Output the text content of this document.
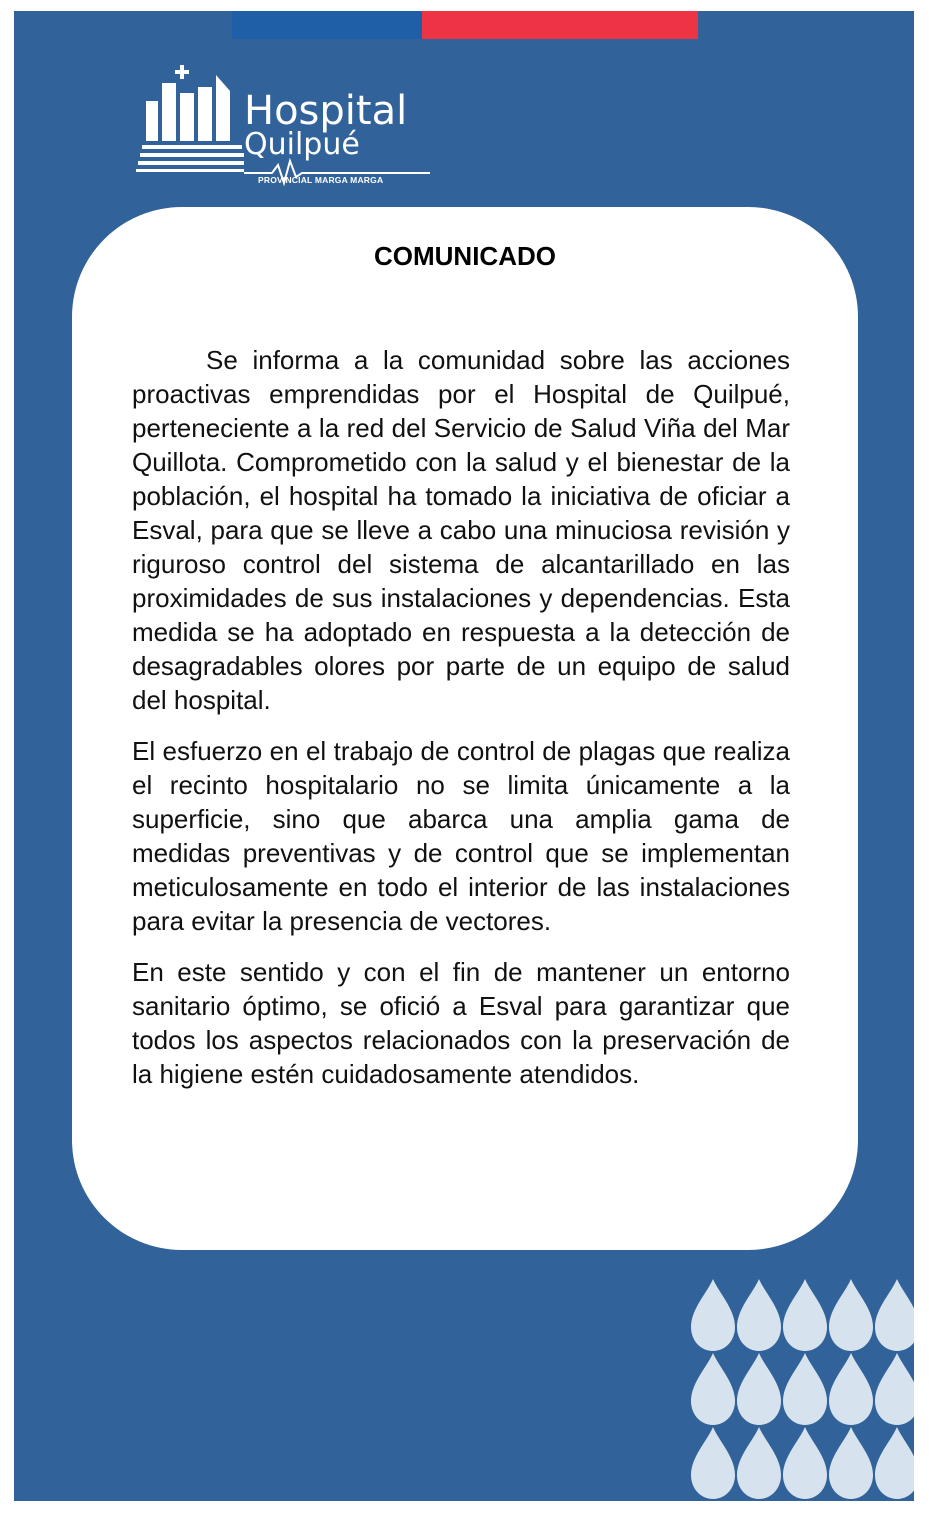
Hospital
Quilpué
PROVINCIAL MARGA MARGA
COMUNICADO

Se informa a la comunidad sobre las acciones proactivas emprendidas por el Hospital de Quilpué, perteneciente a la red del Servicio de Salud Viña del Mar Quillota. Comprometido con la salud y el bienestar de la población, el hospital ha tomado la iniciativa de oficiar a Esval, para que se lleve a cabo una minuciosa revisión y riguroso control del sistema de alcantarillado en las proximidades de sus instalaciones y dependencias. Esta medida se ha adoptado en respuesta a la detección de desagradables olores por parte de un equipo de salud del hospital.

El esfuerzo en el trabajo de control de plagas que realiza el recinto hospitalario no se limita únicamente a la superficie, sino que abarca una amplia gama de medidas preventivas y de control que se implementan meticulosamente en todo el interior de las instalaciones para evitar la presencia de vectores.

En este sentido y con el fin de mantener un entorno sanitario óptimo, se ofició a Esval para garantizar que todos los aspectos relacionados con la preservación de la higiene estén cuidadosamente atendidos.
